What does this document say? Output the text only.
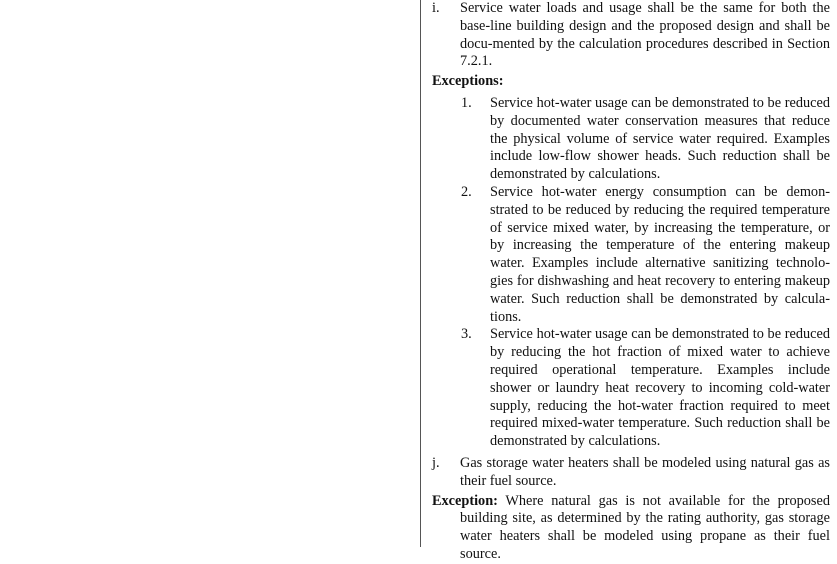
i. Service water loads and usage shall be the same for both the base-line building design and the proposed design and shall be docu-mented by the calculation procedures described in Section 7.2.1.
Exceptions:
1. Service hot-water usage can be demonstrated to be reduced by documented water conservation measures that reduce the physical volume of service water required. Examples include low-flow shower heads. Such reduction shall be demonstrated by calculations.
2. Service hot-water energy consumption can be demon-strated to be reduced by reducing the required temperature of service mixed water, by increasing the temperature, or by increasing the temperature of the entering makeup water. Examples include alternative sanitizing technolo-gies for dishwashing and heat recovery to entering makeup water. Such reduction shall be demonstrated by calcula-tions.
3. Service hot-water usage can be demonstrated to be reduced by reducing the hot fraction of mixed water to achieve required operational temperature. Examples include shower or laundry heat recovery to incoming cold-water supply, reducing the hot-water fraction required to meet required mixed-water temperature. Such reduction shall be demonstrated by calculations.
j. Gas storage water heaters shall be modeled using natural gas as their fuel source.
Exception: Where natural gas is not available for the proposed building site, as determined by the rating authority, gas storage water heaters shall be modeled using propane as their fuel source.
